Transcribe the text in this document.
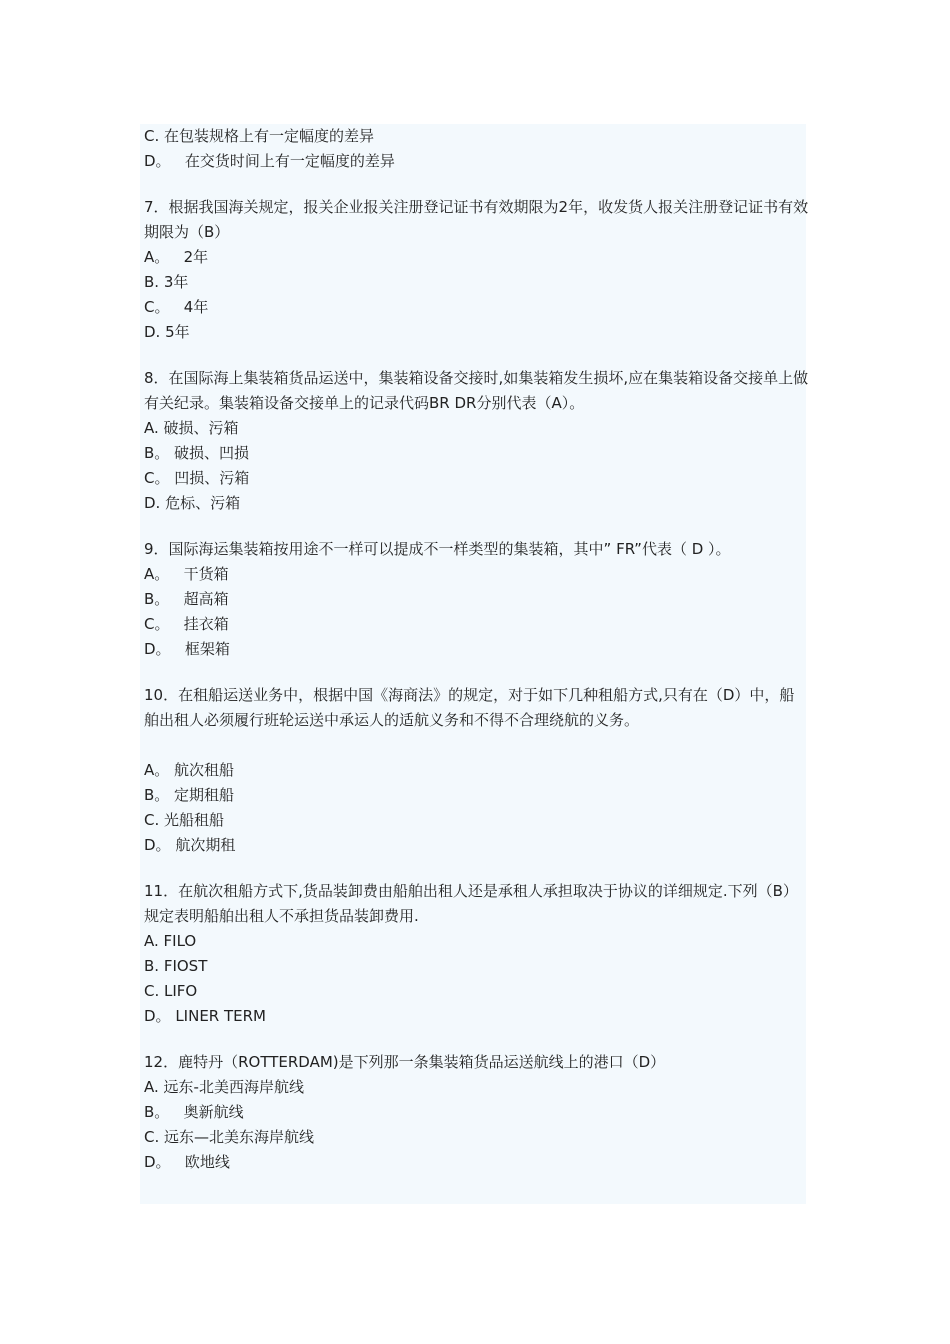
C. 在包装规格上有一定幅度的差异
D。   在交货时间上有一定幅度的差异
7．根据我国海关规定，报关企业报关注册登记证书有效期限为2年，收发货人报关注册登记证书有效期限为（B）
A。   2年
B. 3年
C。   4年
D. 5年
8．在国际海上集装箱货品运送中，集装箱设备交接时,如集装箱发生损坏,应在集装箱设备交接单上做有关纪录。集装箱设备交接单上的记录代码BR DR分别代表（A）。
A. 破损、污箱
B。 破损、凹损
C。 凹损、污箱
D. 危标、污箱
9．国际海运集装箱按用途不一样可以提成不一样类型的集装箱，其中” FR”代表（ D ）。
A。   干货箱
B。   超高箱
C。   挂衣箱
D。   框架箱
10．在租船运送业务中，根据中国《海商法》的规定，对于如下几种租船方式,只有在（D）中，船舶出租人必须履行班轮运送中承运人的适航义务和不得不合理绕航的义务。
A。 航次租船
B。 定期租船
C. 光船租船
D。 航次期租
11．在航次租船方式下,货品装卸费由船舶出租人还是承租人承担取决于协议的详细规定.下列（B）规定表明船舶出租人不承担货品装卸费用.
A. FILO
B. FIOST
C. LIFO
D。 LINER TERM
12．鹿特丹（ROTTERDAM)是下列那一条集装箱货品运送航线上的港口（D）
A. 远东-北美西海岸航线
B。   奥新航线
C. 远东—北美东海岸航线
D。   欧地线
